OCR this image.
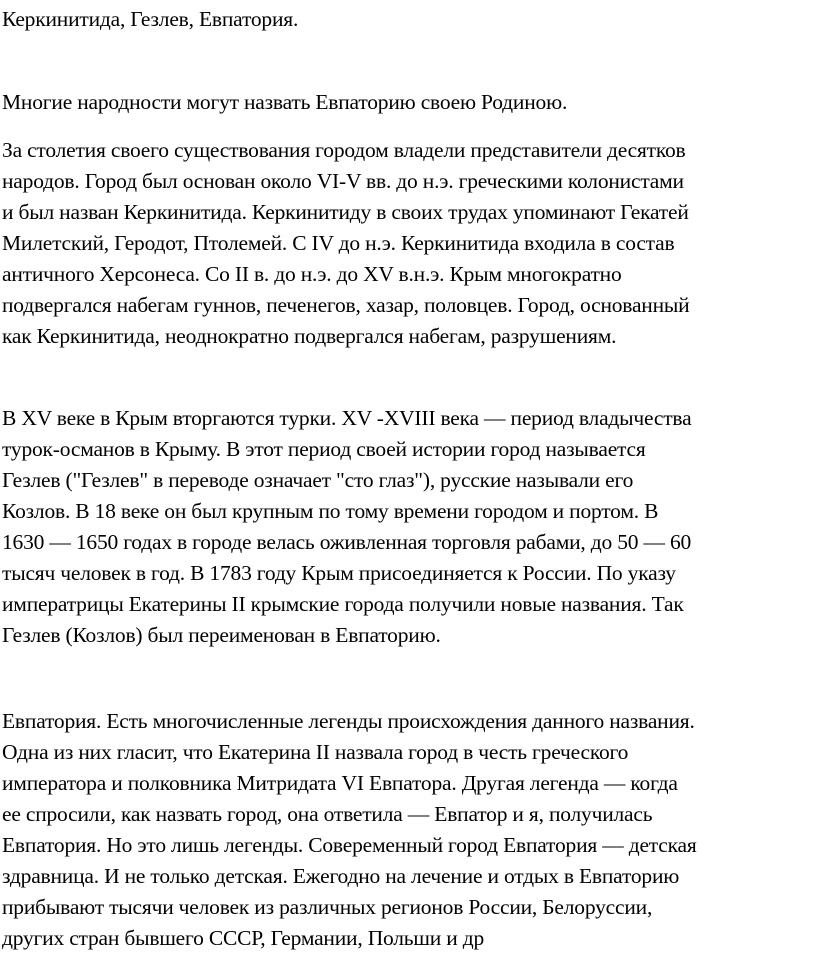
Керкинитида, Гезлев, Евпатория.
Многие народности могут назвать Евпаторию своею Родиною.
За столетия своего существования городом владели представители десятков
народов. Город был основан около VI-V вв. до н.э. греческими колонистами
и был назван Керкинитида. Керкинитиду в своих трудах упоминают Гекатей
Милетский, Геродот, Птолемей. С IV до н.э. Керкинитида входила в состав
античного Херсонеса. Со II в. до н.э. до XV в.н.э. Крым многократно
подвергался набегам гуннов, печенегов, хазар, половцев. Город, основанный
как Керкинитида, неоднократно подвергался набегам, разрушениям.
В XV веке в Крым вторгаются турки. XV -XVIII века — период владычества
турок-османов в Крыму. В этот период своей истории город называется
Гезлев ("Гезлев" в переводе означает "сто глаз"), русские называли его
Козлов. В 18 веке он был крупным по тому времени городом и портом. В
1630 — 1650 годах в городе велась оживленная торговля рабами, до 50 — 60
тысяч человек в год. В 1783 году Крым присоединяется к России. По указу
императрицы Екатерины II крымские города получили новые названия. Так
Гезлев (Козлов) был переименован в Евпаторию.
Евпатория. Есть многочисленные легенды происхождения данного названия.
Одна из них гласит, что Екатерина II назвала город в честь греческого
императора и полковника Митридата VI Евпатора. Другая легенда — когда
ее спросили, как назвать город, она ответила — Евпатор и я, получилась
Евпатория. Но это лишь легенды. Совеременный город Евпатория — детская
здравница. И не только детская. Ежегодно на лечение и отдых в Евпаторию
прибывают тысячи человек из различных регионов России, Белоруссии,
других стран бывшего СССР, Германии, Польши и др
